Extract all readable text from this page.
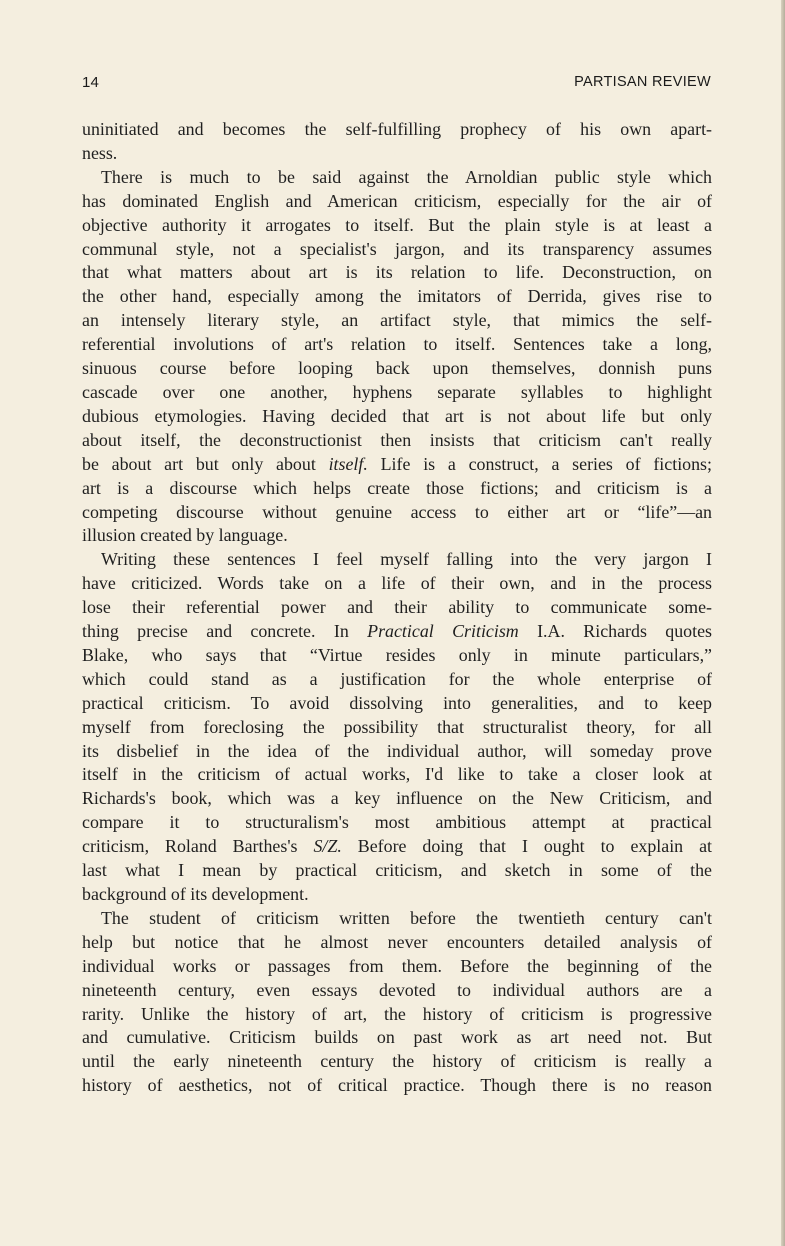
14	PARTISAN REVIEW
uninitiated and becomes the self-fulfilling prophecy of his own apart-
ness.
There is much to be said against the Arnoldian public style which
has dominated English and American criticism, especially for the air of
objective authority it arrogates to itself. But the plain style is at least a
communal style, not a specialist's jargon, and its transparency assumes
that what matters about art is its relation to life. Deconstruction, on
the other hand, especially among the imitators of Derrida, gives rise to
an intensely literary style, an artifact style, that mimics the self-
referential involutions of art's relation to itself. Sentences take a long,
sinuous course before looping back upon themselves, donnish puns
cascade over one another, hyphens separate syllables to highlight
dubious etymologies. Having decided that art is not about life but only
about itself, the deconstructionist then insists that criticism can't really
be about art but only about itself. Life is a construct, a series of fictions;
art is a discourse which helps create those fictions; and criticism is a
competing discourse without genuine access to either art or “life”—an
illusion created by language.
Writing these sentences I feel myself falling into the very jargon I
have criticized. Words take on a life of their own, and in the process
lose their referential power and their ability to communicate some-
thing precise and concrete. In Practical Criticism I.A. Richards quotes
Blake, who says that “Virtue resides only in minute particulars,”
which could stand as a justification for the whole enterprise of
practical criticism. To avoid dissolving into generalities, and to keep
myself from foreclosing the possibility that structuralist theory, for all
its disbelief in the idea of the individual author, will someday prove
itself in the criticism of actual works, I'd like to take a closer look at
Richards's book, which was a key influence on the New Criticism, and
compare it to structuralism's most ambitious attempt at practical
criticism, Roland Barthes's S/Z. Before doing that I ought to explain at
last what I mean by practical criticism, and sketch in some of the
background of its development.
The student of criticism written before the twentieth century can't
help but notice that he almost never encounters detailed analysis of
individual works or passages from them. Before the beginning of the
nineteenth century, even essays devoted to individual authors are a
rarity. Unlike the history of art, the history of criticism is progressive
and cumulative. Criticism builds on past work as art need not. But
until the early nineteenth century the history of criticism is really a
history of aesthetics, not of critical practice. Though there is no reason
